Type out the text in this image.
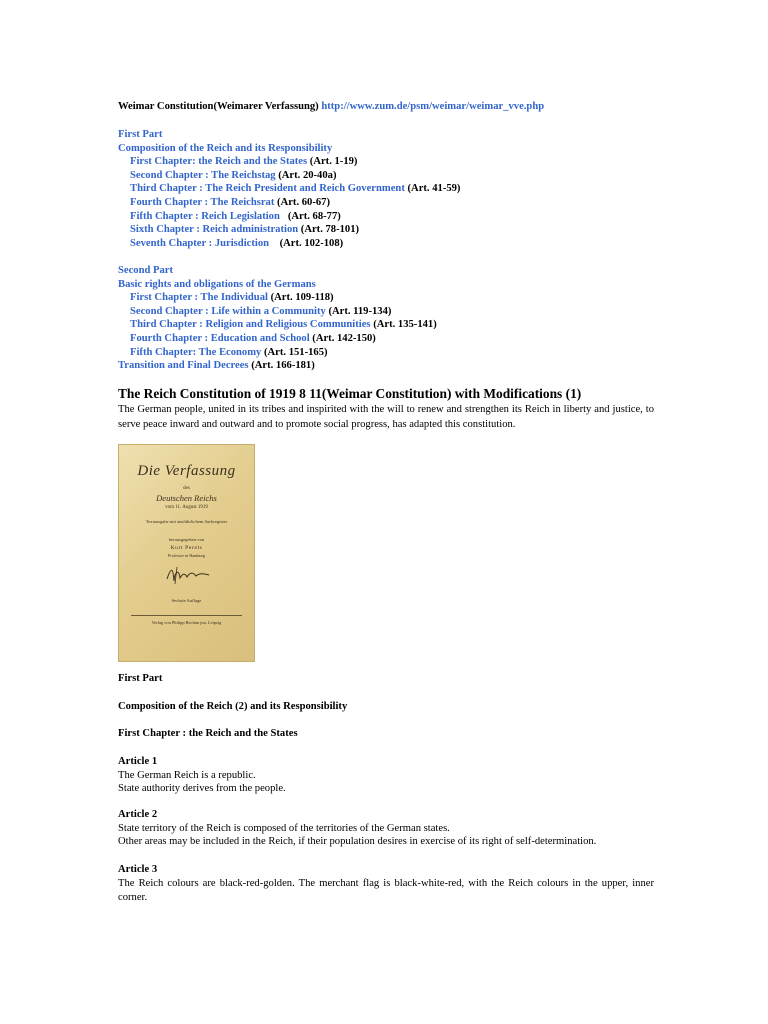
Weimar Constitution(Weimarer Verfassung) http://www.zum.de/psm/weimar/weimar_vve.php
First Part
Composition of the Reich and its Responsibility
First Chapter: the Reich and the States (Art. 1-19)
Second Chapter : The Reichstag (Art. 20-40a)
Third Chapter : The Reich President and Reich Government (Art. 41-59)
Fourth Chapter : The Reichsrat (Art. 60-67)
Fifth Chapter : Reich Legislation (Art. 68-77)
Sixth Chapter : Reich administration (Art. 78-101)
Seventh Chapter : Jurisdiction (Art. 102-108)
Second Part
Basic rights and obligations of the Germans
First Chapter : The Individual (Art. 109-118)
Second Chapter : Life within a Community (Art. 119-134)
Third Chapter : Religion and Religious Communities (Art. 135-141)
Fourth Chapter : Education and School (Art. 142-150)
Fifth Chapter: The Economy (Art. 151-165)
Transition and Final Decrees (Art. 166-181)
The Reich Constitution of 1919 8 11(Weimar Constitution) with Modifications (1)
The German people, united in its tribes and inspirited with the will to renew and strengthen its Reich in liberty and justice, to serve peace inward and outward and to promote social progress, has adapted this constitution.
Die Verfassung
des
Deutschen Reichs
vom 11. August 1919
Textausgabe mit ausführlichem Sachregister
herausgegeben von
Kurt Perels
Professor in Hamburg
Sechste Auflage
Verlag von Philipp Reclam jun. Leipzig
First Part
Composition of the Reich (2) and its Responsibility
First Chapter : the Reich and the States
Article 1
The German Reich is a republic.
State authority derives from the people.
Article 2
State territory of the Reich is composed of the territories of the German states.
Other areas may be included in the Reich, if their population desires in exercise of its right of self-determination.
Article 3
The Reich colours are black-red-golden. The merchant flag is black-white-red, with the Reich colours in the upper, inner corner.
